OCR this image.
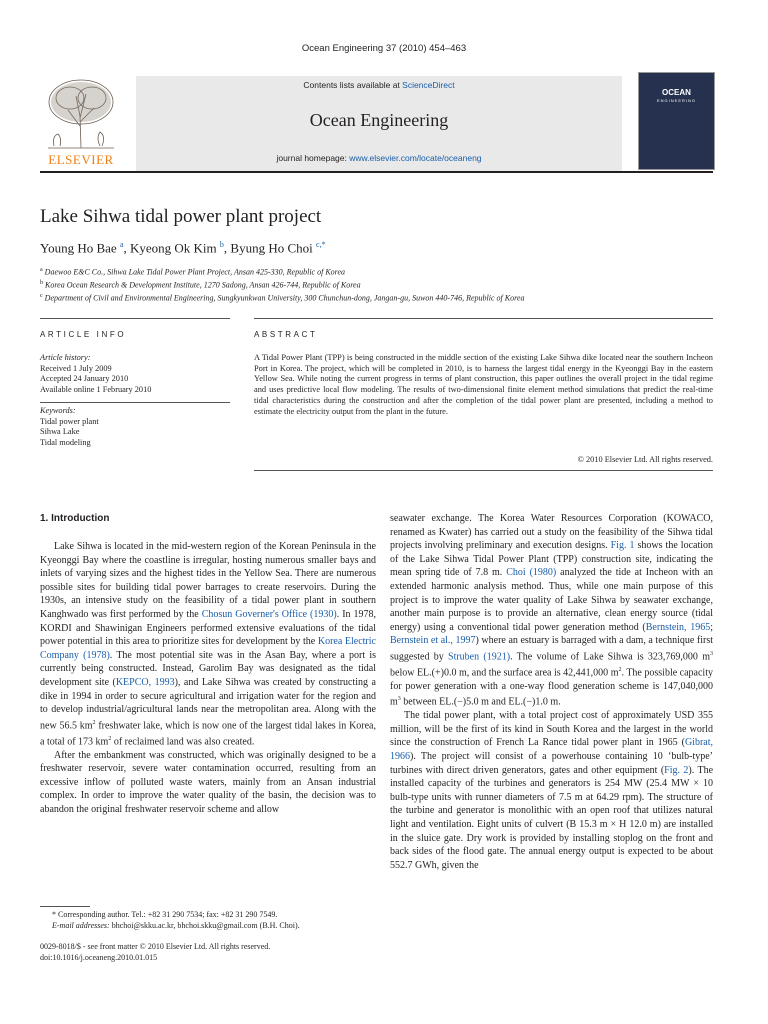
Ocean Engineering 37 (2010) 454–463
ELSEVIER
Contents lists available at ScienceDirect
Ocean Engineering
journal homepage: www.elsevier.com/locate/oceaneng
OCEAN
ENGINEERING
Lake Sihwa tidal power plant project
Young Ho Bae $^a$, Kyeong Ok Kim $^b$, Byung Ho Choi $^{c,*}$
$^a$ Daewoo E&C Co., Sihwa Lake Tidal Power Plant Project, Ansan 425-330, Republic of Korea
$^b$ Korea Ocean Research & Development Institute, 1270 Sadong, Ansan 426-744, Republic of Korea
$^c$ Department of Civil and Environmental Engineering, Sungkyunkwan University, 300 Chunchun-dong, Jangan-gu, Suwon 440-746, Republic of Korea
ARTICLE INFO
Article history:
Received 1 July 2009
Accepted 24 January 2010
Available online 1 February 2010
Keywords:
Tidal power plant
Sihwa Lake
Tidal modeling
ABSTRACT
A Tidal Power Plant (TPP) is being constructed in the middle section of the existing Lake Sihwa dike located near the southern Incheon Port in Korea. The project, which will be completed in 2010, is to harness the largest tidal energy in the Kyeonggi Bay in the eastern Yellow Sea. While noting the current progress in terms of plant construction, this paper outlines the overall project in the tidal regime and uses predictive local flow modeling. The results of two-dimensional finite element method simulations that predict the real-time tidal characteristics during the construction and after the completion of the tidal power plant are presented, including a method to estimate the electricity output from the plant in the future.
© 2010 Elsevier Ltd. All rights reserved.
1. Introduction

Lake Sihwa is located in the mid-western region of the Korean Peninsula in the Kyeonggi Bay where the coastline is irregular, hosting numerous smaller bays and inlets of varying sizes and the highest tides in the Yellow Sea. There are numerous possible sites for building tidal power barrages to create reservoirs. During the 1930s, an intensive study on the feasibility of a tidal power plant in southern Kanghwado was first performed by the Chosun Governer's Office (1930). In 1978, KORDI and Shawinigan Engineers performed extensive evaluations of the tidal power potential in this area to prioritize sites for development by the Korea Electric Company (1978). The most potential site was in the Asan Bay, where a port is currently being constructed. Instead, Garolim Bay was designated as the tidal development site (KEPCO, 1993), and Lake Sihwa was created by constructing a dike in 1994 in order to secure agricultural and irrigation water for the region and to develop industrial/agricultural lands near the metropolitan area. Along with the new 56.5 $km^2$ freshwater lake, which is now one of the largest tidal lakes in Korea, a total of 173 $km^2$ of reclaimed land was also created.

After the embankment was constructed, which was originally designed to be a freshwater reservoir, severe water contamination occurred, resulting from an excessive inflow of polluted waste waters, mainly from an Ansan industrial complex. In order to improve the water quality of the basin, the decision was to abandon the original freshwater reservoir scheme and allow

seawater exchange. The Korea Water Resources Corporation (KOWACO, renamed as Kwater) has carried out a study on the feasibility of the Sihwa tidal projects involving preliminary and execution designs. Fig. 1 shows the location of the Lake Sihwa Tidal Power Plant (TPP) construction site, indicating the mean spring tide of 7.8 m. Choi (1980) analyzed the tide at Incheon with an extended harmonic analysis method. Thus, while one main purpose of this project is to improve the water quality of Lake Sihwa by seawater exchange, another main purpose is to provide an alternative, clean energy source (tidal energy) using a conventional tidal power generation method (Bernstein, 1965; Bernstein et al., 1997) where an estuary is barraged with a dam, a technique first suggested by Struben (1921). The volume of Lake Sihwa is 323,769,000 $m^3$ below EL.(+)0.0 m, and the surface area is 42,441,000 $m^2$. The possible capacity for power generation with a one-way flood generation scheme is 147,040,000 $m^3$ between EL.(−)5.0 m and EL.(−)1.0 m.

The tidal power plant, with a total project cost of approximately USD 355 million, will be the first of its kind in South Korea and the largest in the world since the construction of French La Rance tidal power plant in 1965 (Gibrat, 1966). The project will consist of a powerhouse containing 10 ‘bulb-type’ turbines with direct driven generators, gates and other equipment (Fig. 2). The installed capacity of the turbines and generators is 254 MW (25.4 MW × 10 bulb-type units with runner diameters of 7.5 m at 64.29 rpm). The structure of the turbine and generator is monolithic with an open roof that utilizes natural light and ventilation. Eight units of culvert (B 15.3 m × H 12.0 m) are installed in the sluice gate. Dry work is provided by installing stoplog on the front and back sides of the flood gate. The annual energy output is expected to be about 552.7 GWh, given the

* Corresponding author. Tel.: +82 31 290 7534; fax: +82 31 290 7549.
E-mail addresses: bhchoi@skku.ac.kr, bhchoi.skku@gmail.com (B.H. Choi).
0029-8018/$ - see front matter © 2010 Elsevier Ltd. All rights reserved.
doi:10.1016/j.oceaneng.2010.01.015
